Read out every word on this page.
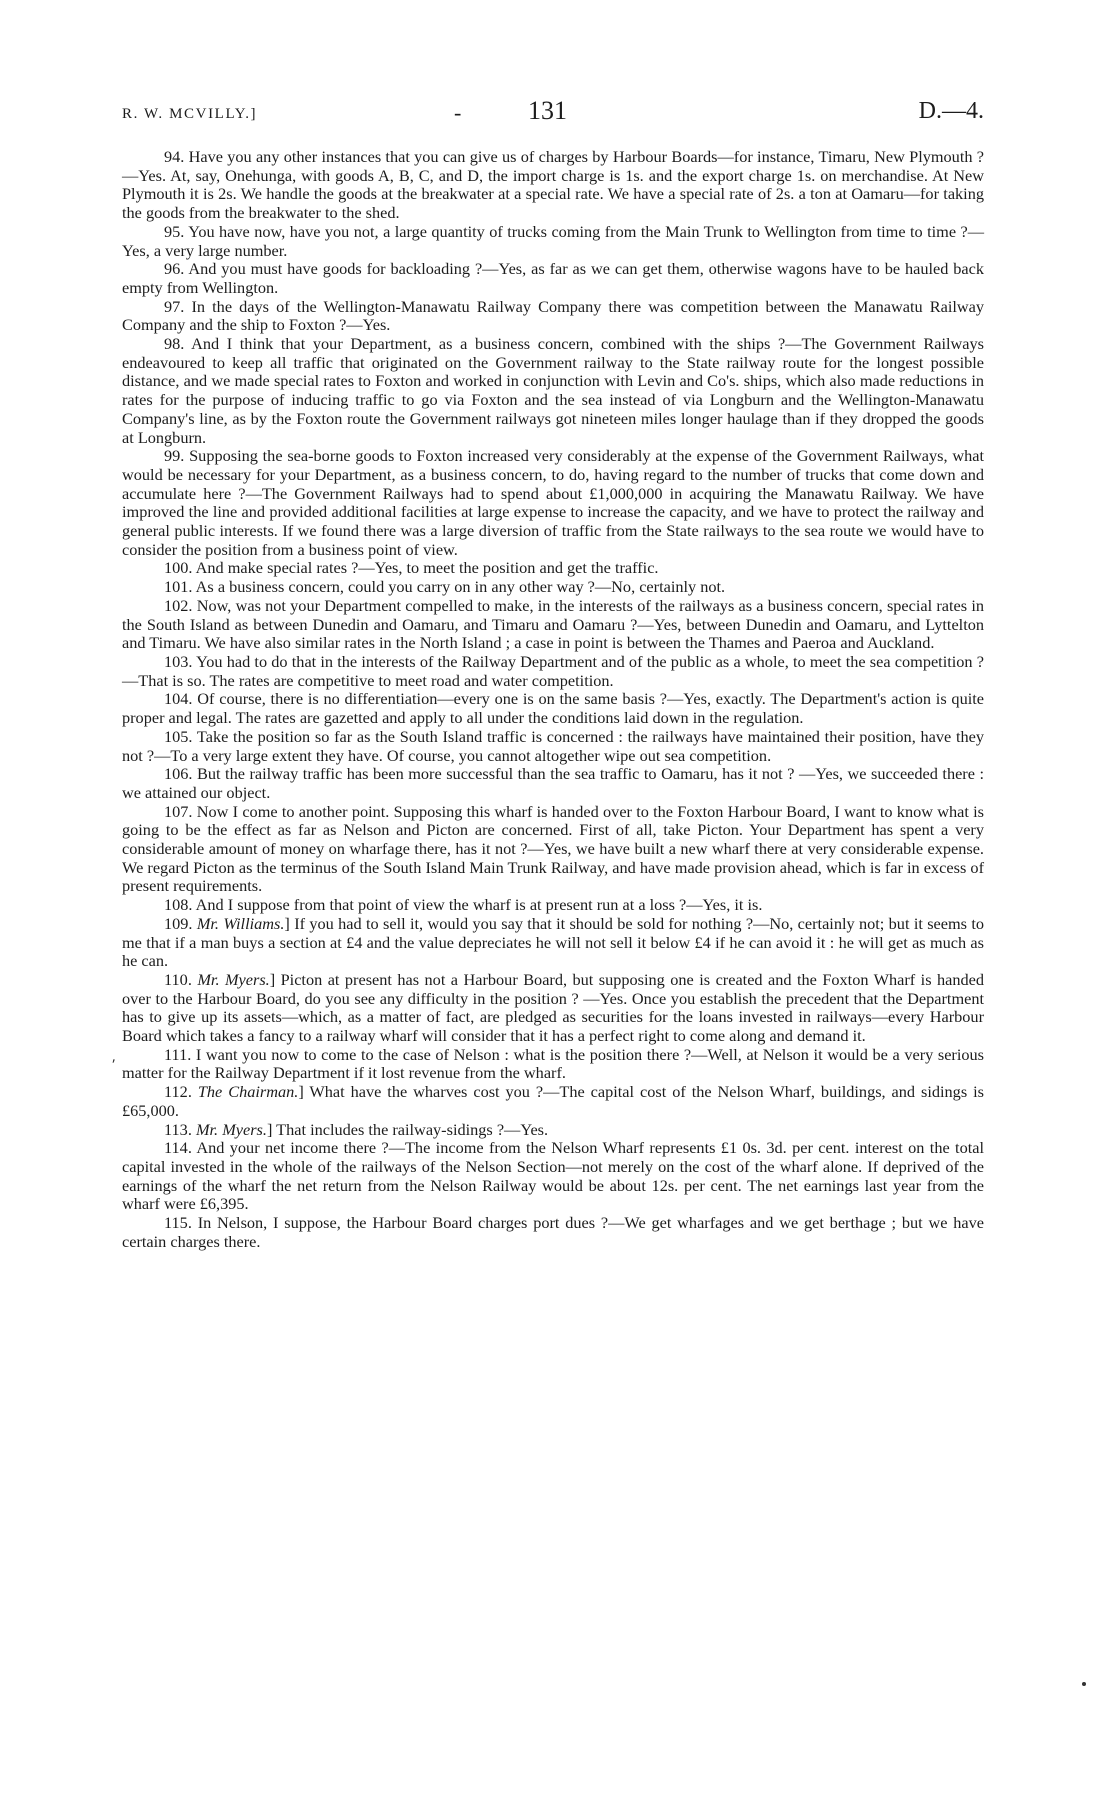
R. W. MCVILLY.]	-	131	D.—4.

94. Have you any other instances that you can give us of charges by Harbour Boards—for instance, Timaru, New Plymouth ?—Yes. At, say, Onehunga, with goods A, B, C, and D, the import charge is 1s. and the export charge 1s. on merchandise. At New Plymouth it is 2s. We handle the goods at the breakwater at a special rate. We have a special rate of 2s. a ton at Oamaru—for taking the goods from the breakwater to the shed.

95. You have now, have you not, a large quantity of trucks coming from the Main Trunk to Wellington from time to time ?—Yes, a very large number.

96. And you must have goods for backloading ?—Yes, as far as we can get them, otherwise wagons have to be hauled back empty from Wellington.

97. In the days of the Wellington-Manawatu Railway Company there was competition between the Manawatu Railway Company and the ship to Foxton ?—Yes.

98. And I think that your Department, as a business concern, combined with the ships ?—The Government Railways endeavoured to keep all traffic that originated on the Government railway to the State railway route for the longest possible distance, and we made special rates to Foxton and worked in conjunction with Levin and Co's. ships, which also made reductions in rates for the purpose of inducing traffic to go via Foxton and the sea instead of via Longburn and the Wellington-Manawatu Company's line, as by the Foxton route the Government railways got nineteen miles longer haulage than if they dropped the goods at Longburn.

99. Supposing the sea-borne goods to Foxton increased very considerably at the expense of the Government Railways, what would be necessary for your Department, as a business concern, to do, having regard to the number of trucks that come down and accumulate here ?—The Government Railways had to spend about £1,000,000 in acquiring the Manawatu Railway. We have improved the line and provided additional facilities at large expense to increase the capacity, and we have to protect the railway and general public interests. If we found there was a large diversion of traffic from the State railways to the sea route we would have to consider the position from a business point of view.

100. And make special rates ?—Yes, to meet the position and get the traffic.

101. As a business concern, could you carry on in any other way ?—No, certainly not.

102. Now, was not your Department compelled to make, in the interests of the railways as a business concern, special rates in the South Island as between Dunedin and Oamaru, and Timaru and Oamaru ?—Yes, between Dunedin and Oamaru, and Lyttelton and Timaru. We have also similar rates in the North Island ; a case in point is between the Thames and Paeroa and Auckland.

103. You had to do that in the interests of the Railway Department and of the public as a whole, to meet the sea competition ?—That is so. The rates are competitive to meet road and water competition.

104. Of course, there is no differentiation—every one is on the same basis ?—Yes, exactly. The Department's action is quite proper and legal. The rates are gazetted and apply to all under the conditions laid down in the regulation.

105. Take the position so far as the South Island traffic is concerned : the railways have maintained their position, have they not ?—To a very large extent they have. Of course, you cannot altogether wipe out sea competition.

106. But the railway traffic has been more successful than the sea traffic to Oamaru, has it not ? —Yes, we succeeded there : we attained our object.

107. Now I come to another point. Supposing this wharf is handed over to the Foxton Harbour Board, I want to know what is going to be the effect as far as Nelson and Picton are concerned. First of all, take Picton. Your Department has spent a very considerable amount of money on wharfage there, has it not ?—Yes, we have built a new wharf there at very considerable expense. We regard Picton as the terminus of the South Island Main Trunk Railway, and have made provision ahead, which is far in excess of present requirements.

108. And I suppose from that point of view the wharf is at present run at a loss ?—Yes, it is.

109. Mr. Williams.] If you had to sell it, would you say that it should be sold for nothing ?—No, certainly not; but it seems to me that if a man buys a section at £4 and the value depreciates he will not sell it below £4 if he can avoid it : he will get as much as he can.

110. Mr. Myers.] Picton at present has not a Harbour Board, but supposing one is created and the Foxton Wharf is handed over to the Harbour Board, do you see any difficulty in the position ? —Yes. Once you establish the precedent that the Department has to give up its assets—which, as a matter of fact, are pledged as securities for the loans invested in railways—every Harbour Board which takes a fancy to a railway wharf will consider that it has a perfect right to come along and demand it.

111. I want you now to come to the case of Nelson : what is the position there ?—Well, at Nelson it would be a very serious matter for the Railway Department if it lost revenue from the wharf.

112. The Chairman.] What have the wharves cost you ?—The capital cost of the Nelson Wharf, buildings, and sidings is £65,000.

113. Mr. Myers.] That includes the railway-sidings ?—Yes.

114. And your net income there ?—The income from the Nelson Wharf represents £1 0s. 3d. per cent. interest on the total capital invested in the whole of the railways of the Nelson Section—not merely on the cost of the wharf alone. If deprived of the earnings of the wharf the net return from the Nelson Railway would be about 12s. per cent. The net earnings last year from the wharf were £6,395.

115. In Nelson, I suppose, the Harbour Board charges port dues ?—We get wharfages and we get berthage ; but we have certain charges there.

⸴
